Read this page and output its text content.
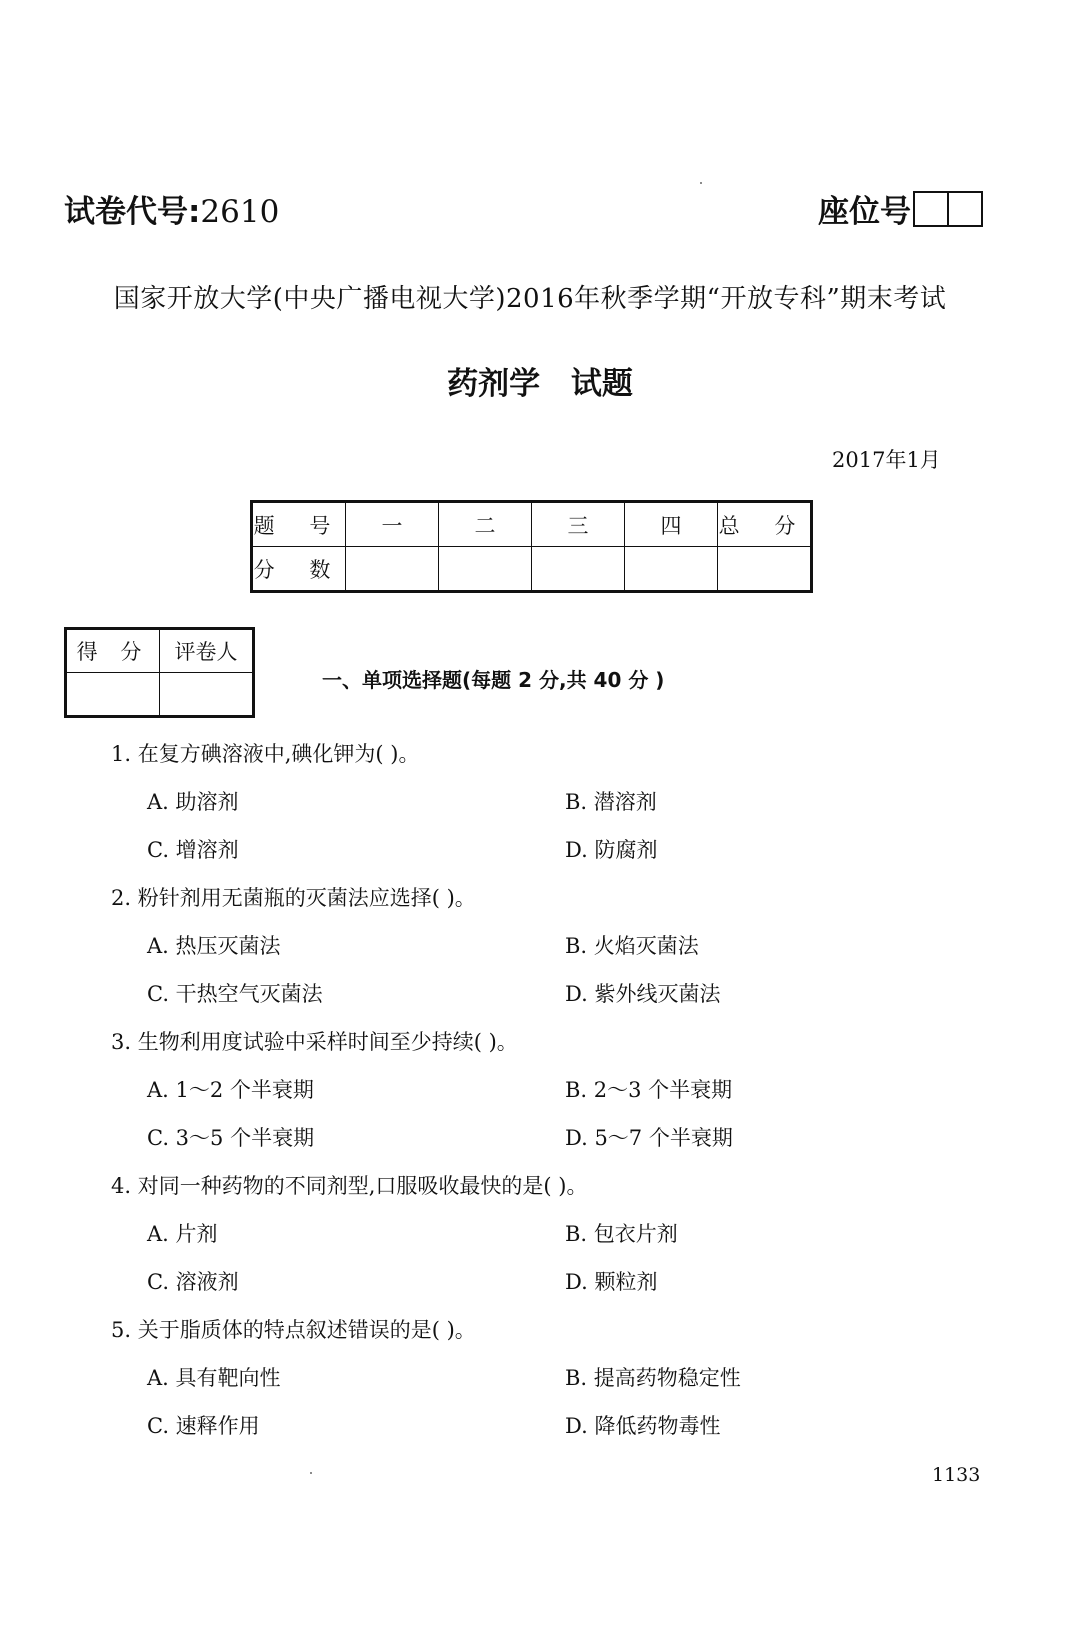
试卷代号:2610	座位号
国家开放大学(中央广播电视大学)2016年秋季学期“开放专科”期末考试
药剂学 试题
2017年1月
题 号	一	二	三	四	总 分
分 数					
得 分	评卷人

一、单项选择题(每题 2 分,共 40 分 )
1. 在复方碘溶液中,碘化钾为( )。
A. 助溶剂	B. 潜溶剂
C. 增溶剂	D. 防腐剂
2. 粉针剂用无菌瓶的灭菌法应选择( )。
A. 热压灭菌法	B. 火焰灭菌法
C. 干热空气灭菌法	D. 紫外线灭菌法
3. 生物利用度试验中采样时间至少持续( )。
A. 1～2 个半衰期	B. 2～3 个半衰期
C. 3～5 个半衰期	D. 5～7 个半衰期
4. 对同一种药物的不同剂型,口服吸收最快的是( )。
A. 片剂	B. 包衣片剂
C. 溶液剂	D. 颗粒剂
5. 关于脂质体的特点叙述错误的是( )。
A. 具有靶向性	B. 提高药物稳定性
C. 速释作用	D. 降低药物毒性
1133
